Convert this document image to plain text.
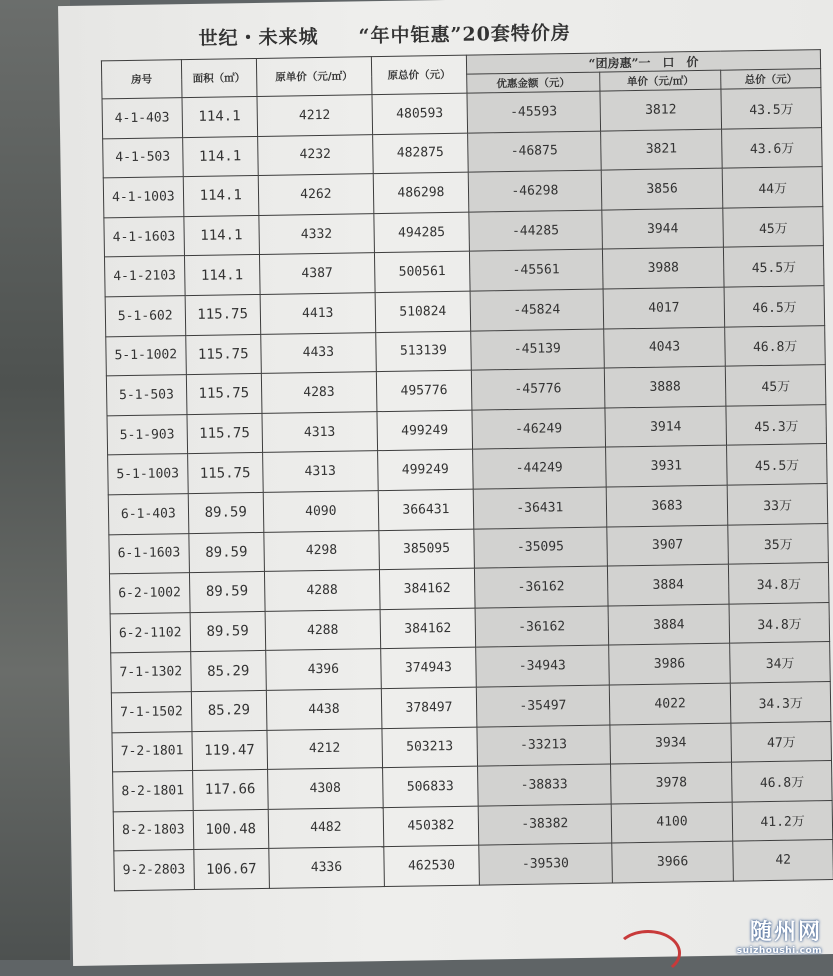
世纪・未来城　　“年中钜惠”20套特价房
房号	面积（㎡）	原单价（元/㎡）	原总价（元）	“团房惠”一　口　价		
				优惠金额（元）	单价（元/㎡）	总价（元）
4-1-403	114.1	4212	480593	-45593	3812	43.5万
4-1-503	114.1	4232	482875	-46875	3821	43.6万
4-1-1003	114.1	4262	486298	-46298	3856	44万
4-1-1603	114.1	4332	494285	-44285	3944	45万
4-1-2103	114.1	4387	500561	-45561	3988	45.5万
5-1-602	115.75	4413	510824	-45824	4017	46.5万
5-1-1002	115.75	4433	513139	-45139	4043	46.8万
5-1-503	115.75	4283	495776	-45776	3888	45万
5-1-903	115.75	4313	499249	-46249	3914	45.3万
5-1-1003	115.75	4313	499249	-44249	3931	45.5万
6-1-403	89.59	4090	366431	-36431	3683	33万
6-1-1603	89.59	4298	385095	-35095	3907	35万
6-2-1002	89.59	4288	384162	-36162	3884	34.8万
6-2-1102	89.59	4288	384162	-36162	3884	34.8万
7-1-1302	85.29	4396	374943	-34943	3986	34万
7-1-1502	85.29	4438	378497	-35497	4022	34.3万
7-2-1801	119.47	4212	503213	-33213	3934	47万
8-2-1801	117.66	4308	506833	-38833	3978	46.8万
8-2-1803	100.48	4482	450382	-38382	4100	41.2万
9-2-2803	106.67	4336	462530	-39530	3966	42
随州网
suizhoushi.com
